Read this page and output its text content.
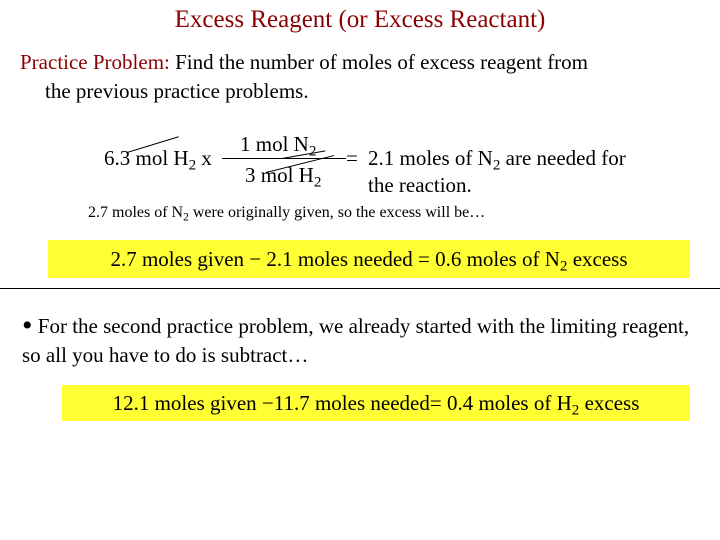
Excess Reagent (or Excess Reactant)
Practice Problem: Find the number of moles of excess reagent from
the previous practice problems.
6.3 mol $H_2$ x
1 mol $N_2$
3 mol $H_2$
= 2.1 moles of $N_2$ are needed for
the reaction.
2.7 moles of $N_2$ were originally given, so the excess will be…
2.7 moles given − 2.1 moles needed = 0.6 moles of $N_2$ excess
• For the second practice problem, we already started with the limiting reagent, so all you have to do is subtract…
12.1 moles given −11.7 moles needed= 0.4 moles of $H_2$ excess
